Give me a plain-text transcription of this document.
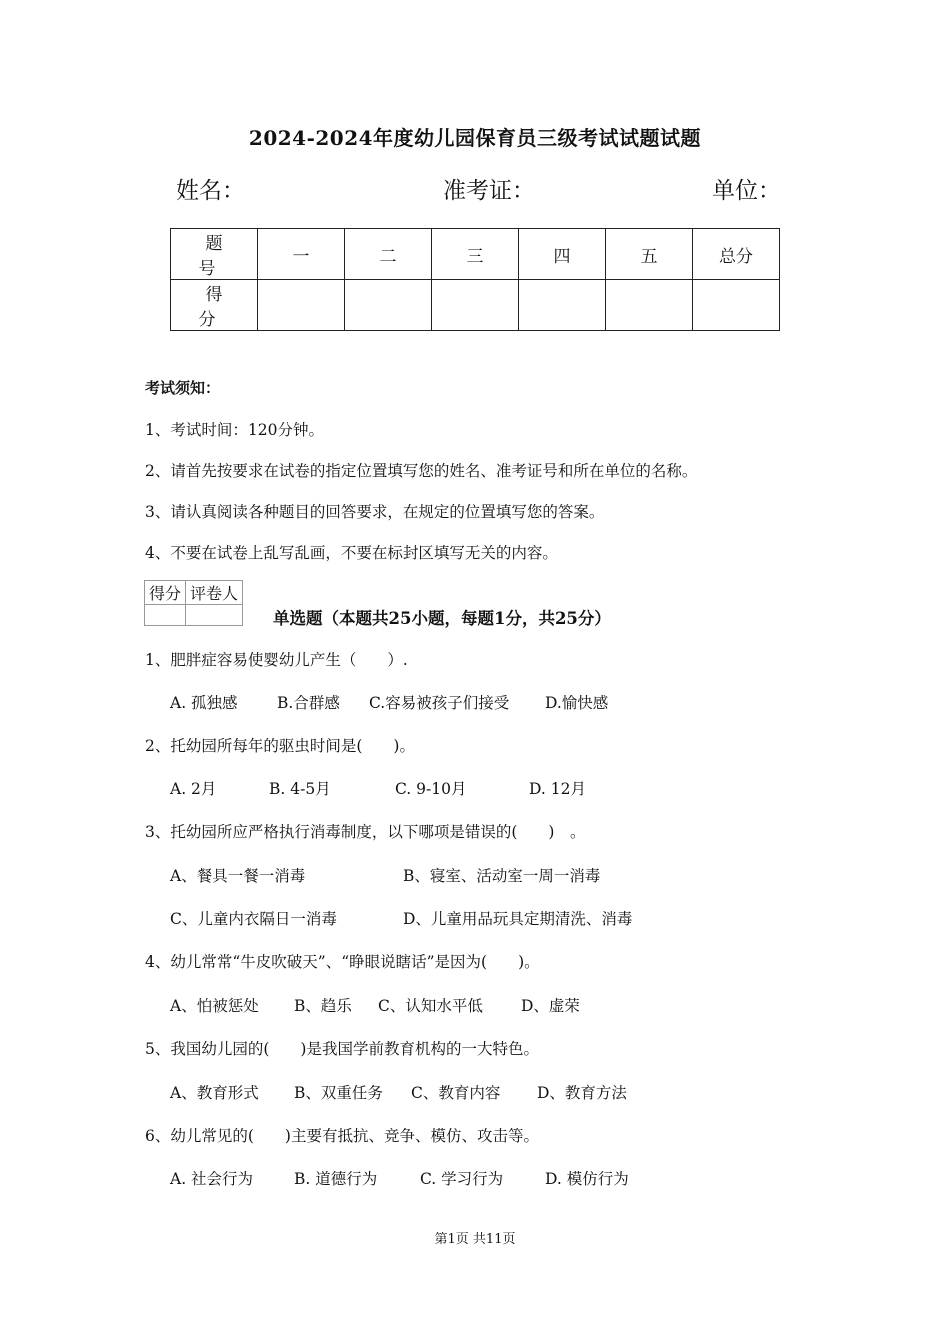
2024-2024年度幼儿园保育员三级考试试题试题
姓名：	准考证：	单位：
题 号	一	二	三	四	五	总分
得 分						
考试须知：
1、考试时间：120分钟。
2、请首先按要求在试卷的指定位置填写您的姓名、准考证号和所在单位的名称。
3、请认真阅读各种题目的回答要求，在规定的位置填写您的答案。
4、不要在试卷上乱写乱画，不要在标封区填写无关的内容。
得分	评卷人

单选题（本题共25小题，每题1分，共25分）
1、肥胖症容易使婴幼儿产生（　　）.
A. 孤独感	B.合群感 C.容易被孩子们接受 D.愉快感
2、托幼园所每年的驱虫时间是(　　)。
A. 2月	B. 4-5月	C. 9-10月	D. 12月
3、托幼园所应严格执行消毒制度，以下哪项是错误的(　　)　。
A、餐具一餐一消毒	B、寝室、活动室一周一消毒
C、儿童内衣隔日一消毒	D、儿童用品玩具定期清洗、消毒
4、幼儿常常“牛皮吹破天”、“睁眼说瞎话”是因为(　　)。
A、怕被惩处 B、趋乐 C、认知水平低 D、虚荣
5、我国幼儿园的(　　)是我国学前教育机构的一大特色。
A、教育形式 B、双重任务 C、教育内容 D、教育方法
6、幼儿常见的(　　)主要有抵抗、竞争、模仿、攻击等。
A. 社会行为	B. 道德行为	C. 学习行为	D. 模仿行为
第1页 共11页
